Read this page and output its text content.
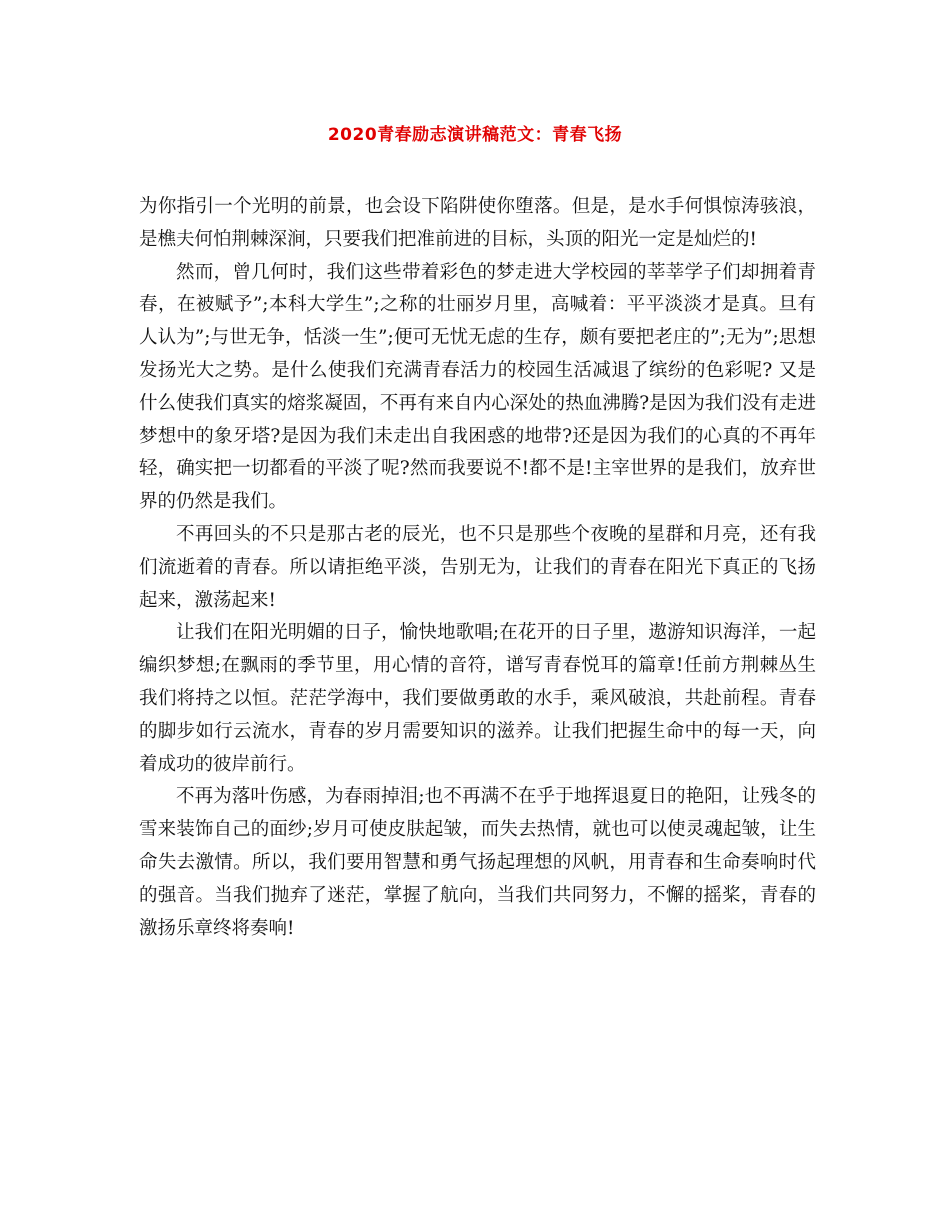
2020青春励志演讲稿范文：青春飞扬

为你指引一个光明的前景，也会设下陷阱使你堕落。但是，是水手何惧惊涛骇浪，是樵夫何怕荆棘深涧，只要我们把准前进的目标，头顶的阳光一定是灿烂的!

然而，曾几何时，我们这些带着彩色的梦走进大学校园的莘莘学子们却拥着青春，在被赋予”;本科大学生”;之称的壮丽岁月里，高喊着：平平淡淡才是真。旦有人认为”;与世无争，恬淡一生”;便可无忧无虑的生存，颇有要把老庄的”;无为”;思想发扬光大之势。是什么使我们充满青春活力的校园生活减退了缤纷的色彩呢? 又是什么使我们真实的熔浆凝固，不再有来自内心深处的热血沸腾?是因为我们没有走进梦想中的象牙塔?是因为我们未走出自我困惑的地带?还是因为我们的心真的不再年轻，确实把一切都看的平淡了呢?然而我要说不!都不是!主宰世界的是我们，放弃世界的仍然是我们。

不再回头的不只是那古老的辰光，也不只是那些个夜晚的星群和月亮，还有我们流逝着的青春。所以请拒绝平淡，告别无为，让我们的青春在阳光下真正的飞扬起来，激荡起来!

让我们在阳光明媚的日子，愉快地歌唱;在花开的日子里，遨游知识海洋，一起编织梦想;在飘雨的季节里，用心情的音符，谱写青春悦耳的篇章!任前方荆棘丛生我们将持之以恒。茫茫学海中，我们要做勇敢的水手，乘风破浪，共赴前程。青春的脚步如行云流水，青春的岁月需要知识的滋养。让我们把握生命中的每一天，向着成功的彼岸前行。

不再为落叶伤感，为春雨掉泪;也不再满不在乎于地挥退夏日的艳阳，让残冬的雪来装饰自己的面纱;岁月可使皮肤起皱，而失去热情，就也可以使灵魂起皱，让生命失去激情。所以，我们要用智慧和勇气扬起理想的风帆，用青春和生命奏响时代的强音。当我们抛弃了迷茫，掌握了航向，当我们共同努力，不懈的摇桨，青春的激扬乐章终将奏响!
